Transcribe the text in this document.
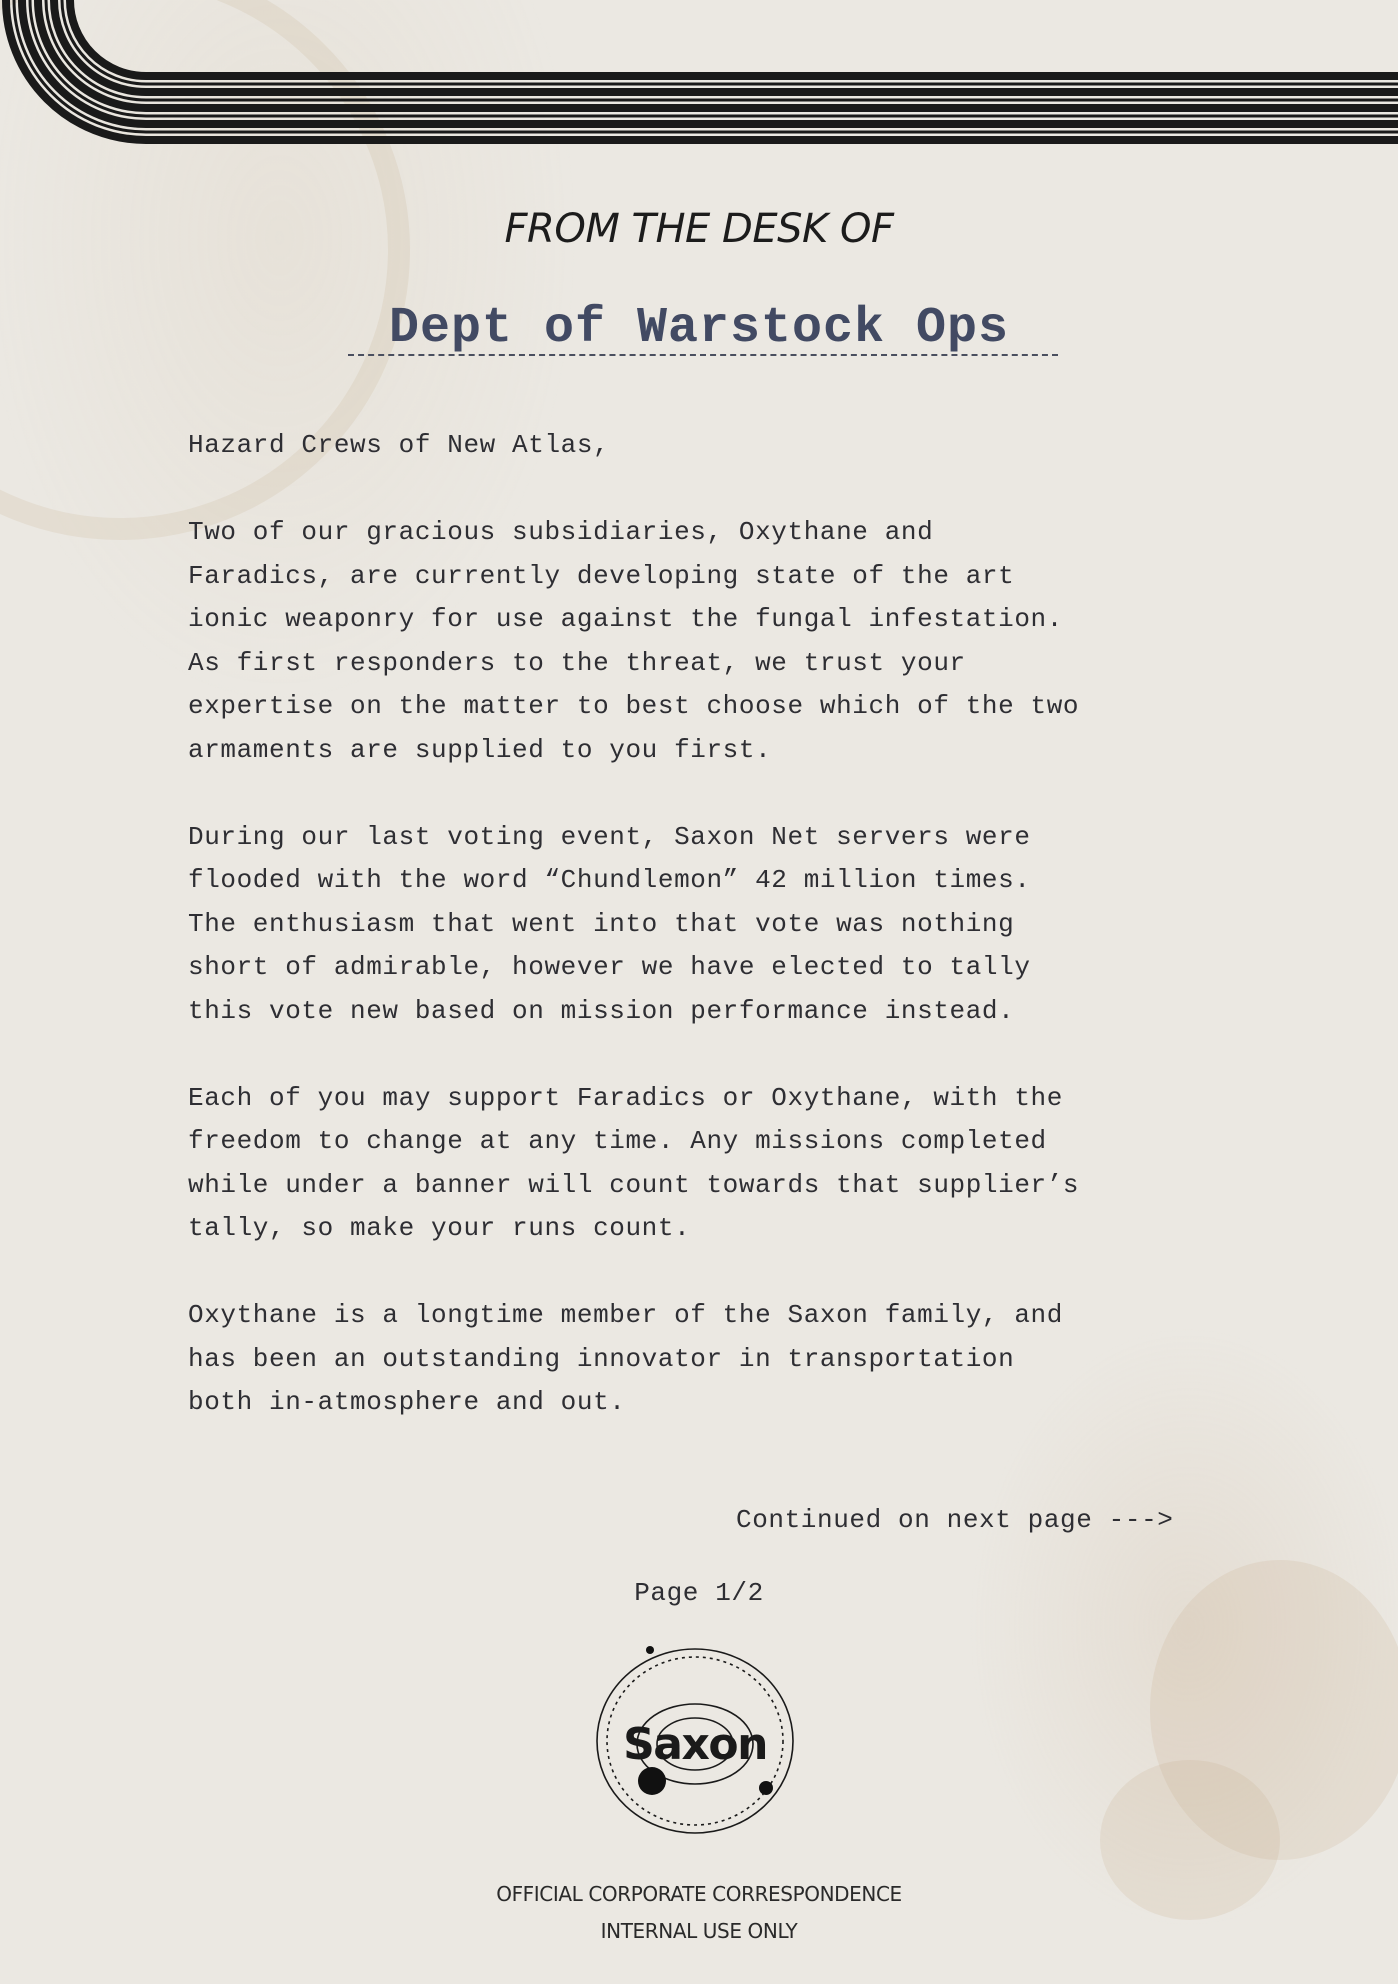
FROM THE DESK OF
Dept of Warstock Ops

Hazard Crews of New Atlas,

Two of our gracious subsidiaries, Oxythane and
Faradics, are currently developing state of the art
ionic weaponry for use against the fungal infestation.
As first responders to the threat, we trust your
expertise on the matter to best choose which of the two
armaments are supplied to you first.

During our last voting event, Saxon Net servers were
flooded with the word “Chundlemon” 42 million times.
The enthusiasm that went into that vote was nothing
short of admirable, however we have elected to tally
this vote new based on mission performance instead.

Each of you may support Faradics or Oxythane, with the
freedom to change at any time. Any missions completed
while under a banner will count towards that supplier’s
tally, so make your runs count.

Oxythane is a longtime member of the Saxon family, and
has been an outstanding innovator in transportation
both in-atmosphere and out.

Continued on next page --->
Page 1/2
Saxon
OFFICIAL CORPORATE CORRESPONDENCE
INTERNAL USE ONLY
